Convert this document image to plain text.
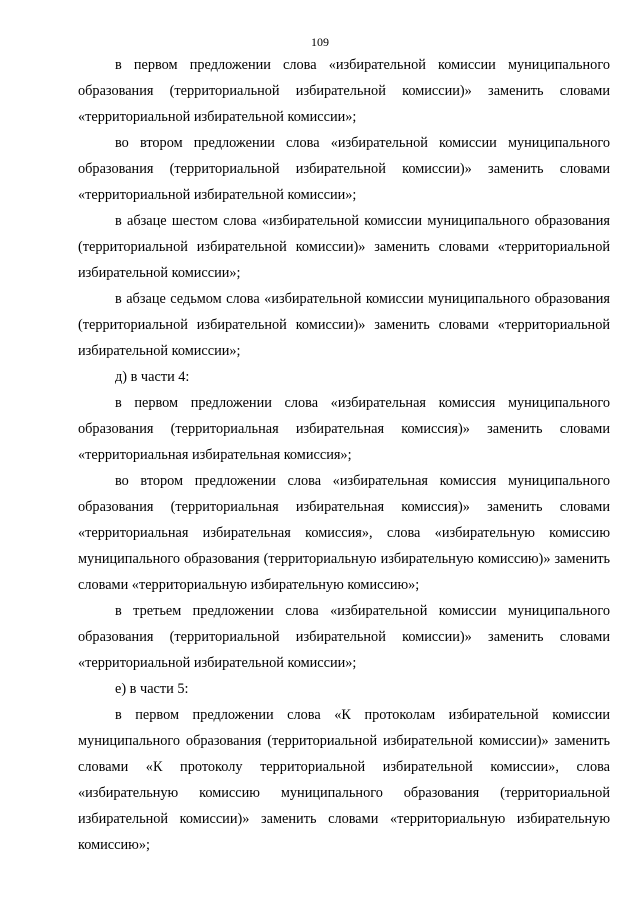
109

в первом предложении слова «избирательной комиссии муниципального образования (территориальной избирательной комиссии)» заменить словами «территориальной избирательной комиссии»;

во втором предложении слова «избирательной комиссии муниципального образования (территориальной избирательной комиссии)» заменить словами «территориальной избирательной комиссии»;

в абзаце шестом слова «избирательной комиссии муниципального образования (территориальной избирательной комиссии)» заменить словами «территориальной избирательной комиссии»;

в абзаце седьмом слова «избирательной комиссии муниципального образования (территориальной избирательной комиссии)» заменить словами «территориальной избирательной комиссии»;

д) в части 4:

в первом предложении слова «избирательная комиссия муниципального образования (территориальная избирательная комиссия)» заменить словами «территориальная избирательная комиссия»;

во втором предложении слова «избирательная комиссия муниципального образования (территориальная избирательная комиссия)» заменить словами «территориальная избирательная комиссия», слова «избирательную комиссию муниципального образования (территориальную избирательную комиссию)» заменить словами «территориальную избирательную комиссию»;

в третьем предложении слова «избирательной комиссии муниципального образования (территориальной избирательной комиссии)» заменить словами «территориальной избирательной комиссии»;

е) в части 5:

в первом предложении слова «К протоколам избирательной комиссии муниципального образования (территориальной избирательной комиссии)» заменить словами «К протоколу территориальной избирательной комиссии», слова «избирательную комиссию муниципального образования (территориальной избирательной комиссии)» заменить словами «территориальную избирательную комиссию»;
